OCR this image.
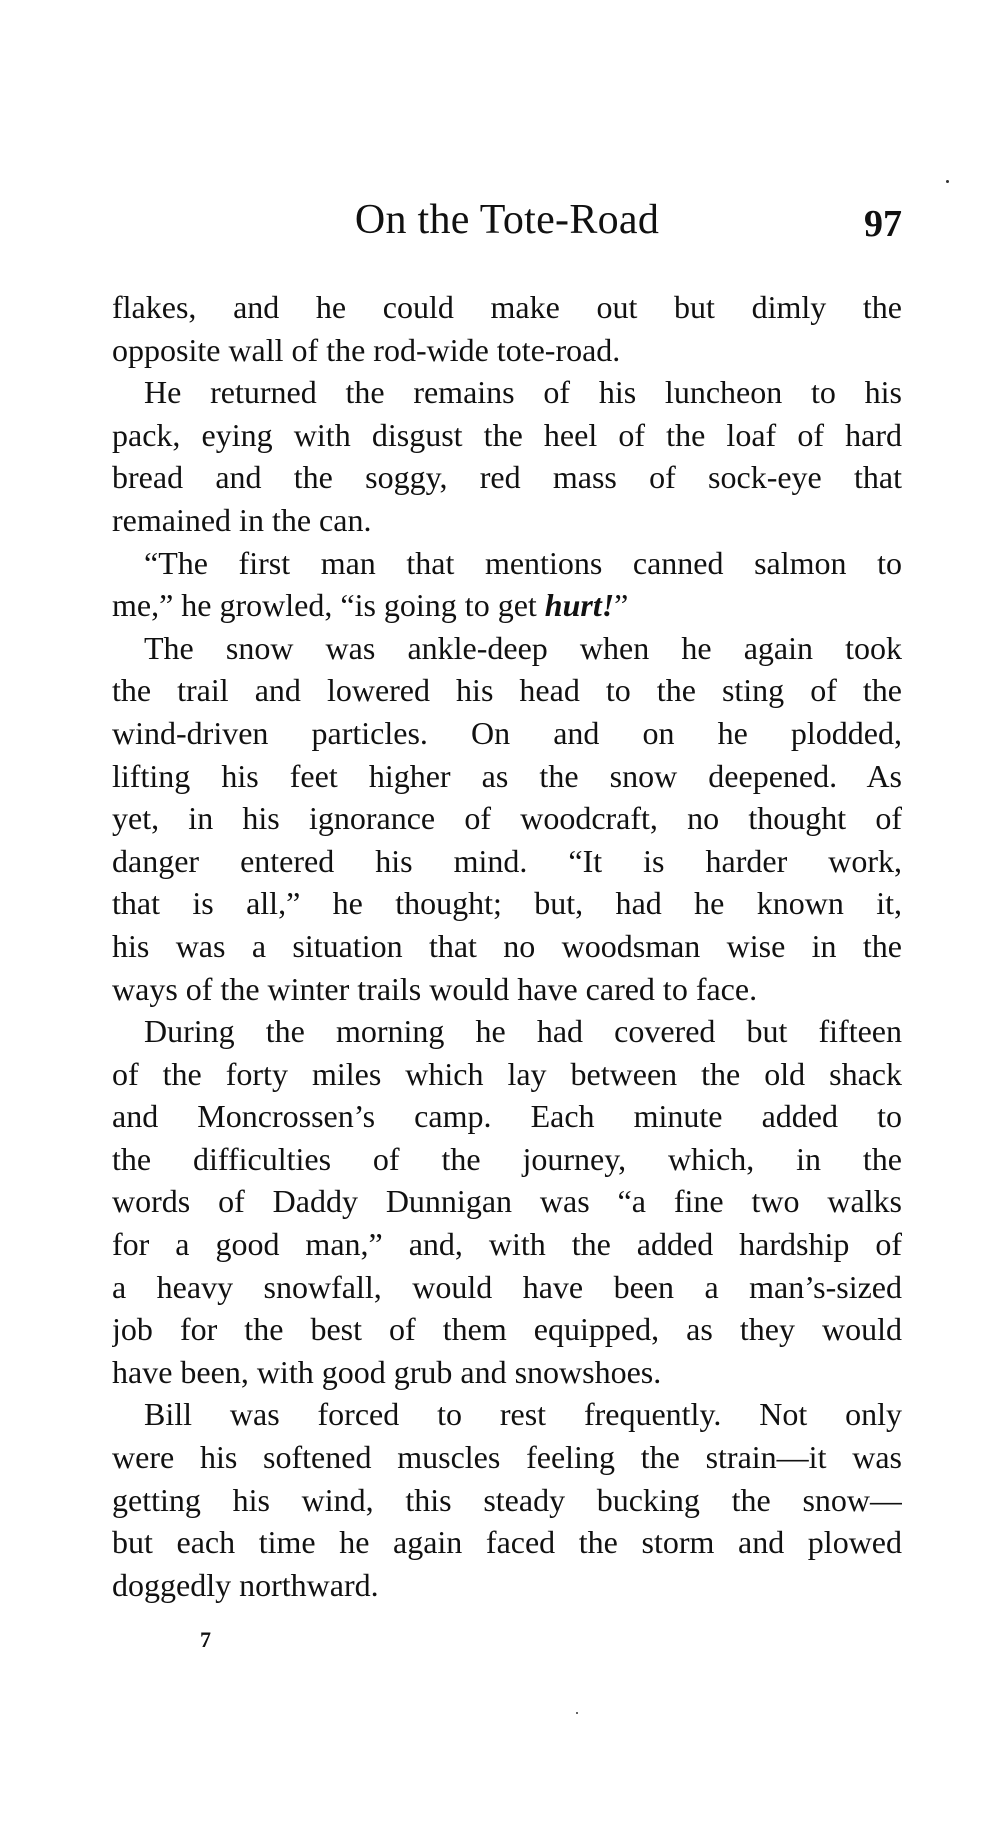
On the Tote-Road	97
flakes, and he could make out but dimly the
opposite wall of the rod-wide tote-road.
He returned the remains of his luncheon to his
pack, eying with disgust the heel of the loaf of hard
bread and the soggy, red mass of sock-eye that
remained in the can.
“The first man that mentions canned salmon to
me,” he growled, “is going to get hurt!”
The snow was ankle-deep when he again took
the trail and lowered his head to the sting of the
wind-driven particles. On and on he plodded,
lifting his feet higher as the snow deepened. As
yet, in his ignorance of woodcraft, no thought of
danger entered his mind. “It is harder work,
that is all,” he thought; but, had he known it,
his was a situation that no woodsman wise in the
ways of the winter trails would have cared to face.
During the morning he had covered but fifteen
of the forty miles which lay between the old shack
and Moncrossen’s camp. Each minute added to
the difficulties of the journey, which, in the
words of Daddy Dunnigan was “a fine two walks
for a good man,” and, with the added hardship of
a heavy snowfall, would have been a man’s-sized
job for the best of them equipped, as they would
have been, with good grub and snowshoes.
Bill was forced to rest frequently. Not only
were his softened muscles feeling the strain—it was
getting his wind, this steady bucking the snow—
but each time he again faced the storm and plowed
doggedly northward.
7
